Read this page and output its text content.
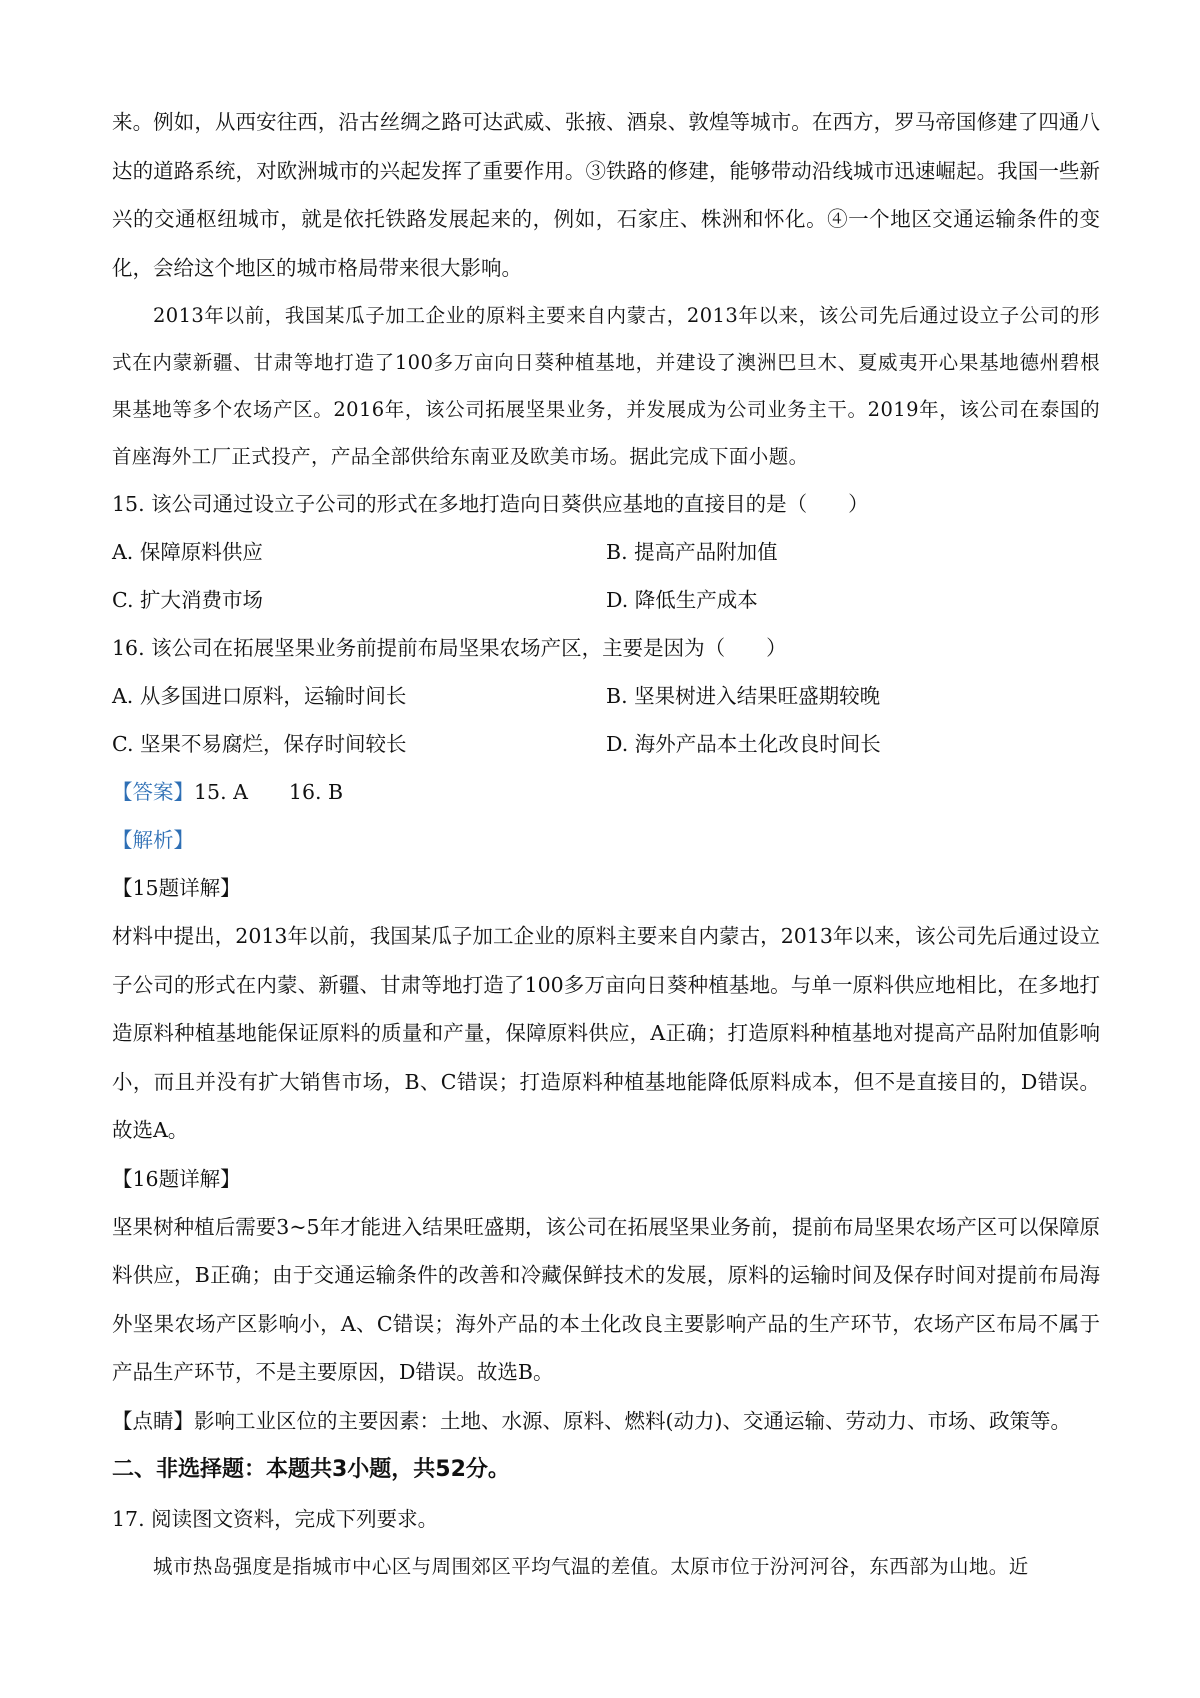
来。例如，从西安往西，沿古丝绸之路可达武威、张掖、酒泉、敦煌等城市。在西方，罗马帝国修建了四通八达的道路系统，对欧洲城市的兴起发挥了重要作用。③铁路的修建，能够带动沿线城市迅速崛起。我国一些新兴的交通枢纽城市，就是依托铁路发展起来的，例如，石家庄、株洲和怀化。④一个地区交通运输条件的变化，会给这个地区的城市格局带来很大影响。

2013年以前，我国某瓜子加工企业的原料主要来自内蒙古，2013年以来，该公司先后通过设立子公司的形式在内蒙新疆、甘肃等地打造了100多万亩向日葵种植基地，并建设了澳洲巴旦木、夏威夷开心果基地德州碧根果基地等多个农场产区。2016年，该公司拓展坚果业务，并发展成为公司业务主干。2019年，该公司在泰国的首座海外工厂正式投产，产品全部供给东南亚及欧美市场。据此完成下面小题。

15. 该公司通过设立子公司的形式在多地打造向日葵供应基地的直接目的是（　　）

A. 保障原料供应	B. 提高产品附加值
C. 扩大消费市场	D. 降低生产成本

16. 该公司在拓展坚果业务前提前布局坚果农场产区，主要是因为（　　）

A. 从多国进口原料，运输时间长	B. 坚果树进入结果旺盛期较晚
C. 坚果不易腐烂，保存时间较长	D. 海外产品本土化改良时间长

【答案】15. A　　16. B

【解析】

【15题详解】

材料中提出，2013年以前，我国某瓜子加工企业的原料主要来自内蒙古，2013年以来，该公司先后通过设立子公司的形式在内蒙、新疆、甘肃等地打造了100多万亩向日葵种植基地。与单一原料供应地相比，在多地打造原料种植基地能保证原料的质量和产量，保障原料供应，A正确；打造原料种植基地对提高产品附加值影响小，而且并没有扩大销售市场，B、C错误；打造原料种植基地能降低原料成本，但不是直接目的，D错误。故选A。

【16题详解】

坚果树种植后需要3~5年才能进入结果旺盛期，该公司在拓展坚果业务前，提前布局坚果农场产区可以保障原料供应，B正确；由于交通运输条件的改善和冷藏保鲜技术的发展，原料的运输时间及保存时间对提前布局海外坚果农场产区影响小，A、C错误；海外产品的本土化改良主要影响产品的生产环节，农场产区布局不属于产品生产环节，不是主要原因，D错误。故选B。

【点睛】影响工业区位的主要因素：土地、水源、原料、燃料(动力)、交通运输、劳动力、市场、政策等。

二、非选择题：本题共3小题，共52分。

17. 阅读图文资料，完成下列要求。

城市热岛强度是指城市中心区与周围郊区平均气温的差值。太原市位于汾河河谷，东西部为山地。近
